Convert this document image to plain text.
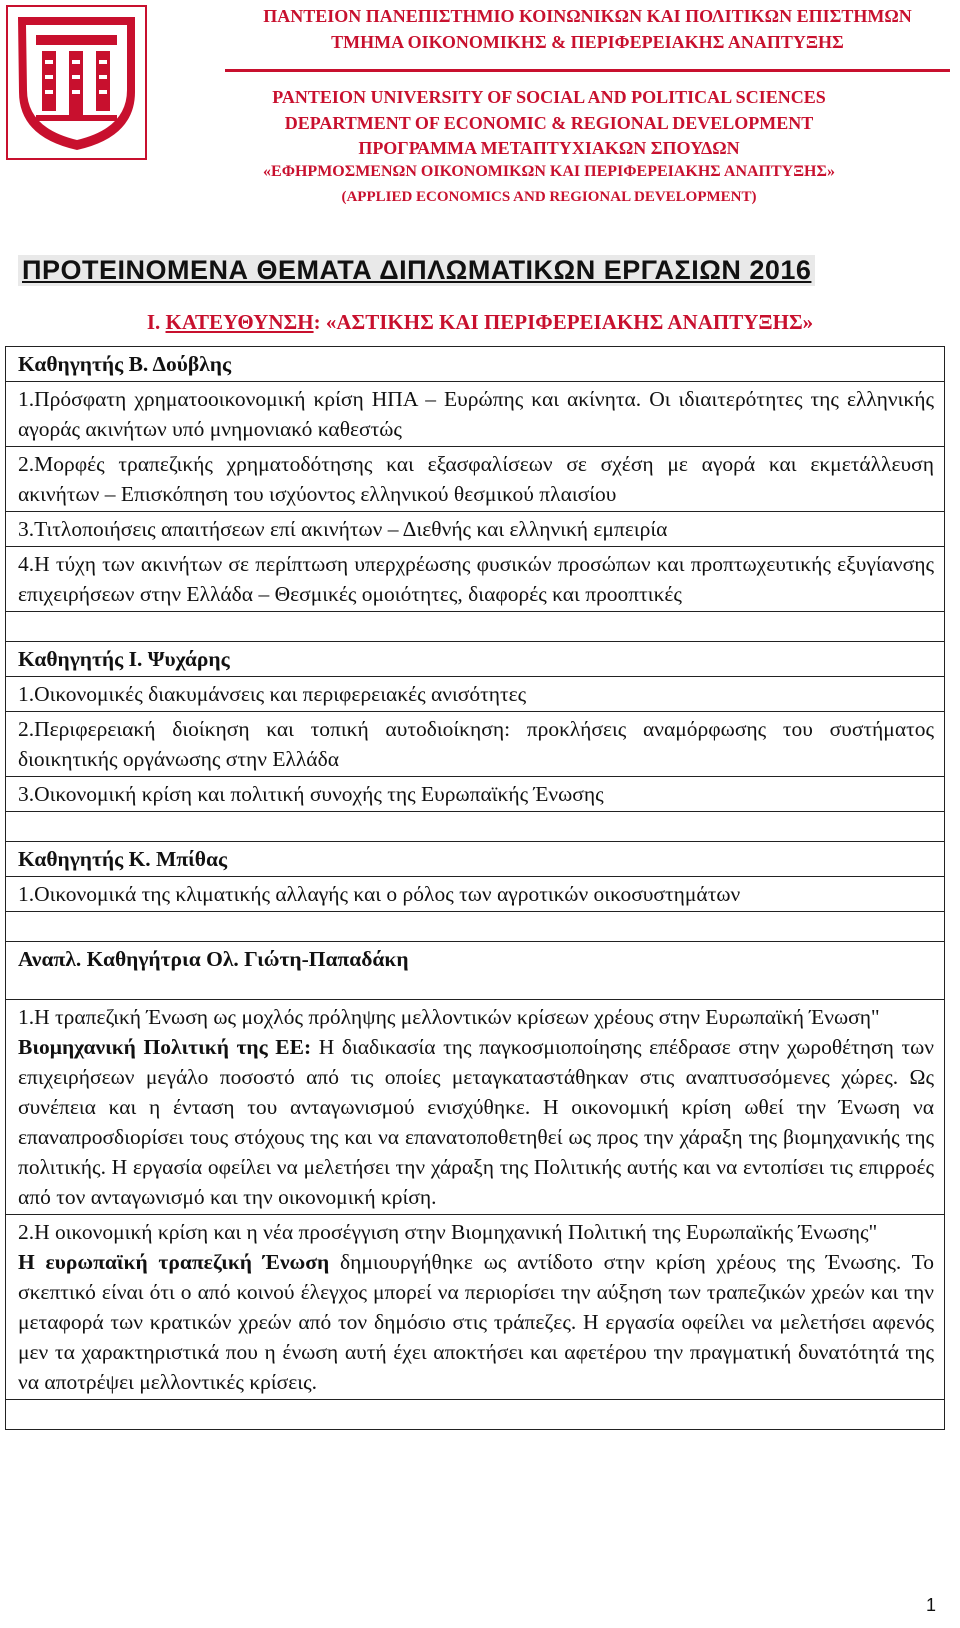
ΠΑΝΤΕΙΟΝ ΠΑΝΕΠΙΣΤΗΜΙΟ ΚΟΙΝΩΝΙΚΩΝ ΚΑΙ ΠΟΛΙΤΙΚΩΝ ΕΠΙΣΤΗΜΩΝ
ΤΜΗΜΑ ΟΙΚΟΝΟΜΙΚΗΣ & ΠΕΡΙΦΕΡΕΙΑΚΗΣ ΑΝΑΠΤΥΞΗΣ
PANTEION UNIVERSITY OF SOCIAL AND POLITICAL SCIENCES
DEPARTMENT OF ECONOMIC & REGIONAL DEVELOPMENT
ΠΡΟΓΡΑΜΜΑ ΜΕΤΑΠΤΥΧΙΑΚΩΝ ΣΠΟΥΔΩΝ
«ΕΦΗΡΜΟΣΜΕΝΩΝ ΟΙΚΟΝΟΜΙΚΩΝ ΚΑΙ ΠΕΡΙΦΕΡΕΙΑΚΗΣ ΑΝΑΠΤΥΞΗΣ»
(APPLIED ECONOMICS AND REGIONAL DEVELOPMENT)
ΠΡΟΤΕΙΝΟΜΕΝΑ ΘΕΜΑΤΑ ΔΙΠΛΩΜΑΤΙΚΩΝ ΕΡΓΑΣΙΩΝ 2016
I. ΚΑΤΕΥΘΥΝΣΗ: «ΑΣΤΙΚΗΣ ΚΑΙ ΠΕΡΙΦΕΡΕΙΑΚΗΣ ΑΝΑΠΤΥΞΗΣ»
Καθηγητής Β. Δούβλης
1.Πρόσφατη χρηματοοικονομική κρίση ΗΠΑ – Ευρώπης και ακίνητα. Οι ιδιαιτερότητες της ελληνικής αγοράς ακινήτων υπό μνημονιακό καθεστώς
2.Μορφές τραπεζικής χρηματοδότησης και εξασφαλίσεων σε σχέση με αγορά και εκμετάλλευση ακινήτων – Επισκόπηση του ισχύοντος ελληνικού θεσμικού πλαισίου
3.Τιτλοποιήσεις απαιτήσεων επί ακινήτων – Διεθνής και ελληνική εμπειρία
4.Η τύχη των ακινήτων σε περίπτωση υπερχρέωσης φυσικών προσώπων και προπτωχευτικής εξυγίανσης επιχειρήσεων στην Ελλάδα – Θεσμικές ομοιότητες, διαφορές και προοπτικές
Καθηγητής Ι. Ψυχάρης
1.Οικονομικές διακυμάνσεις και περιφερειακές ανισότητες
2.Περιφερειακή διοίκηση και τοπική αυτοδιοίκηση: προκλήσεις αναμόρφωσης του συστήματος διοικητικής οργάνωσης στην Ελλάδα
3.Οικονομική κρίση και πολιτική συνοχής της Ευρωπαϊκής Ένωσης
Καθηγητής Κ. Μπίθας
1.Οικονομικά της κλιματικής αλλαγής και ο ρόλος των αγροτικών οικοσυστημάτων
Αναπλ. Καθηγήτρια Ολ. Γιώτη-Παπαδάκη

1.Η τραπεζική Ένωση ως μοχλός πρόληψης μελλοντικών κρίσεων χρέους στην Ευρωπαϊκή Ένωση"

Βιομηχανική Πολιτική της ΕΕ: Η διαδικασία της παγκοσμιοποίησης επέδρασε στην χωροθέτηση των επιχειρήσεων μεγάλο ποσοστό από τις οποίες μεταγκαταστάθηκαν στις αναπτυσσόμενες χώρες. Ως συνέπεια και η ένταση του ανταγωνισμού ενισχύθηκε. Η οικονομική κρίση ωθεί την Ένωση να επαναπροσδιορίσει τους στόχους της και να επανατοποθετηθεί ως προς την χάραξη της βιομηχανικής της πολιτικής. Η εργασία οφείλει να μελετήσει την χάραξη της Πολιτικής αυτής και να εντοπίσει τις επιρροές από τον ανταγωνισμό και την οικονομική κρίση.

2.Η οικονομική κρίση και η νέα προσέγγιση στην Βιομηχανική Πολιτική της Ευρωπαϊκής Ένωσης"

Η ευρωπαϊκή τραπεζική Ένωση δημιουργήθηκε ως αντίδοτο στην κρίση χρέους της Ένωσης. Το σκεπτικό είναι ότι ο από κοινού έλεγχος μπορεί να περιορίσει την αύξηση των τραπεζικών χρεών και την μεταφορά των κρατικών χρεών από τον δημόσιο στις τράπεζες. Η εργασία οφείλει να μελετήσει αφενός μεν τα χαρακτηριστικά που η ένωση αυτή έχει αποκτήσει και αφετέρου την πραγματική δυνατότητά της να αποτρέψει μελλοντικές κρίσεις.

1
